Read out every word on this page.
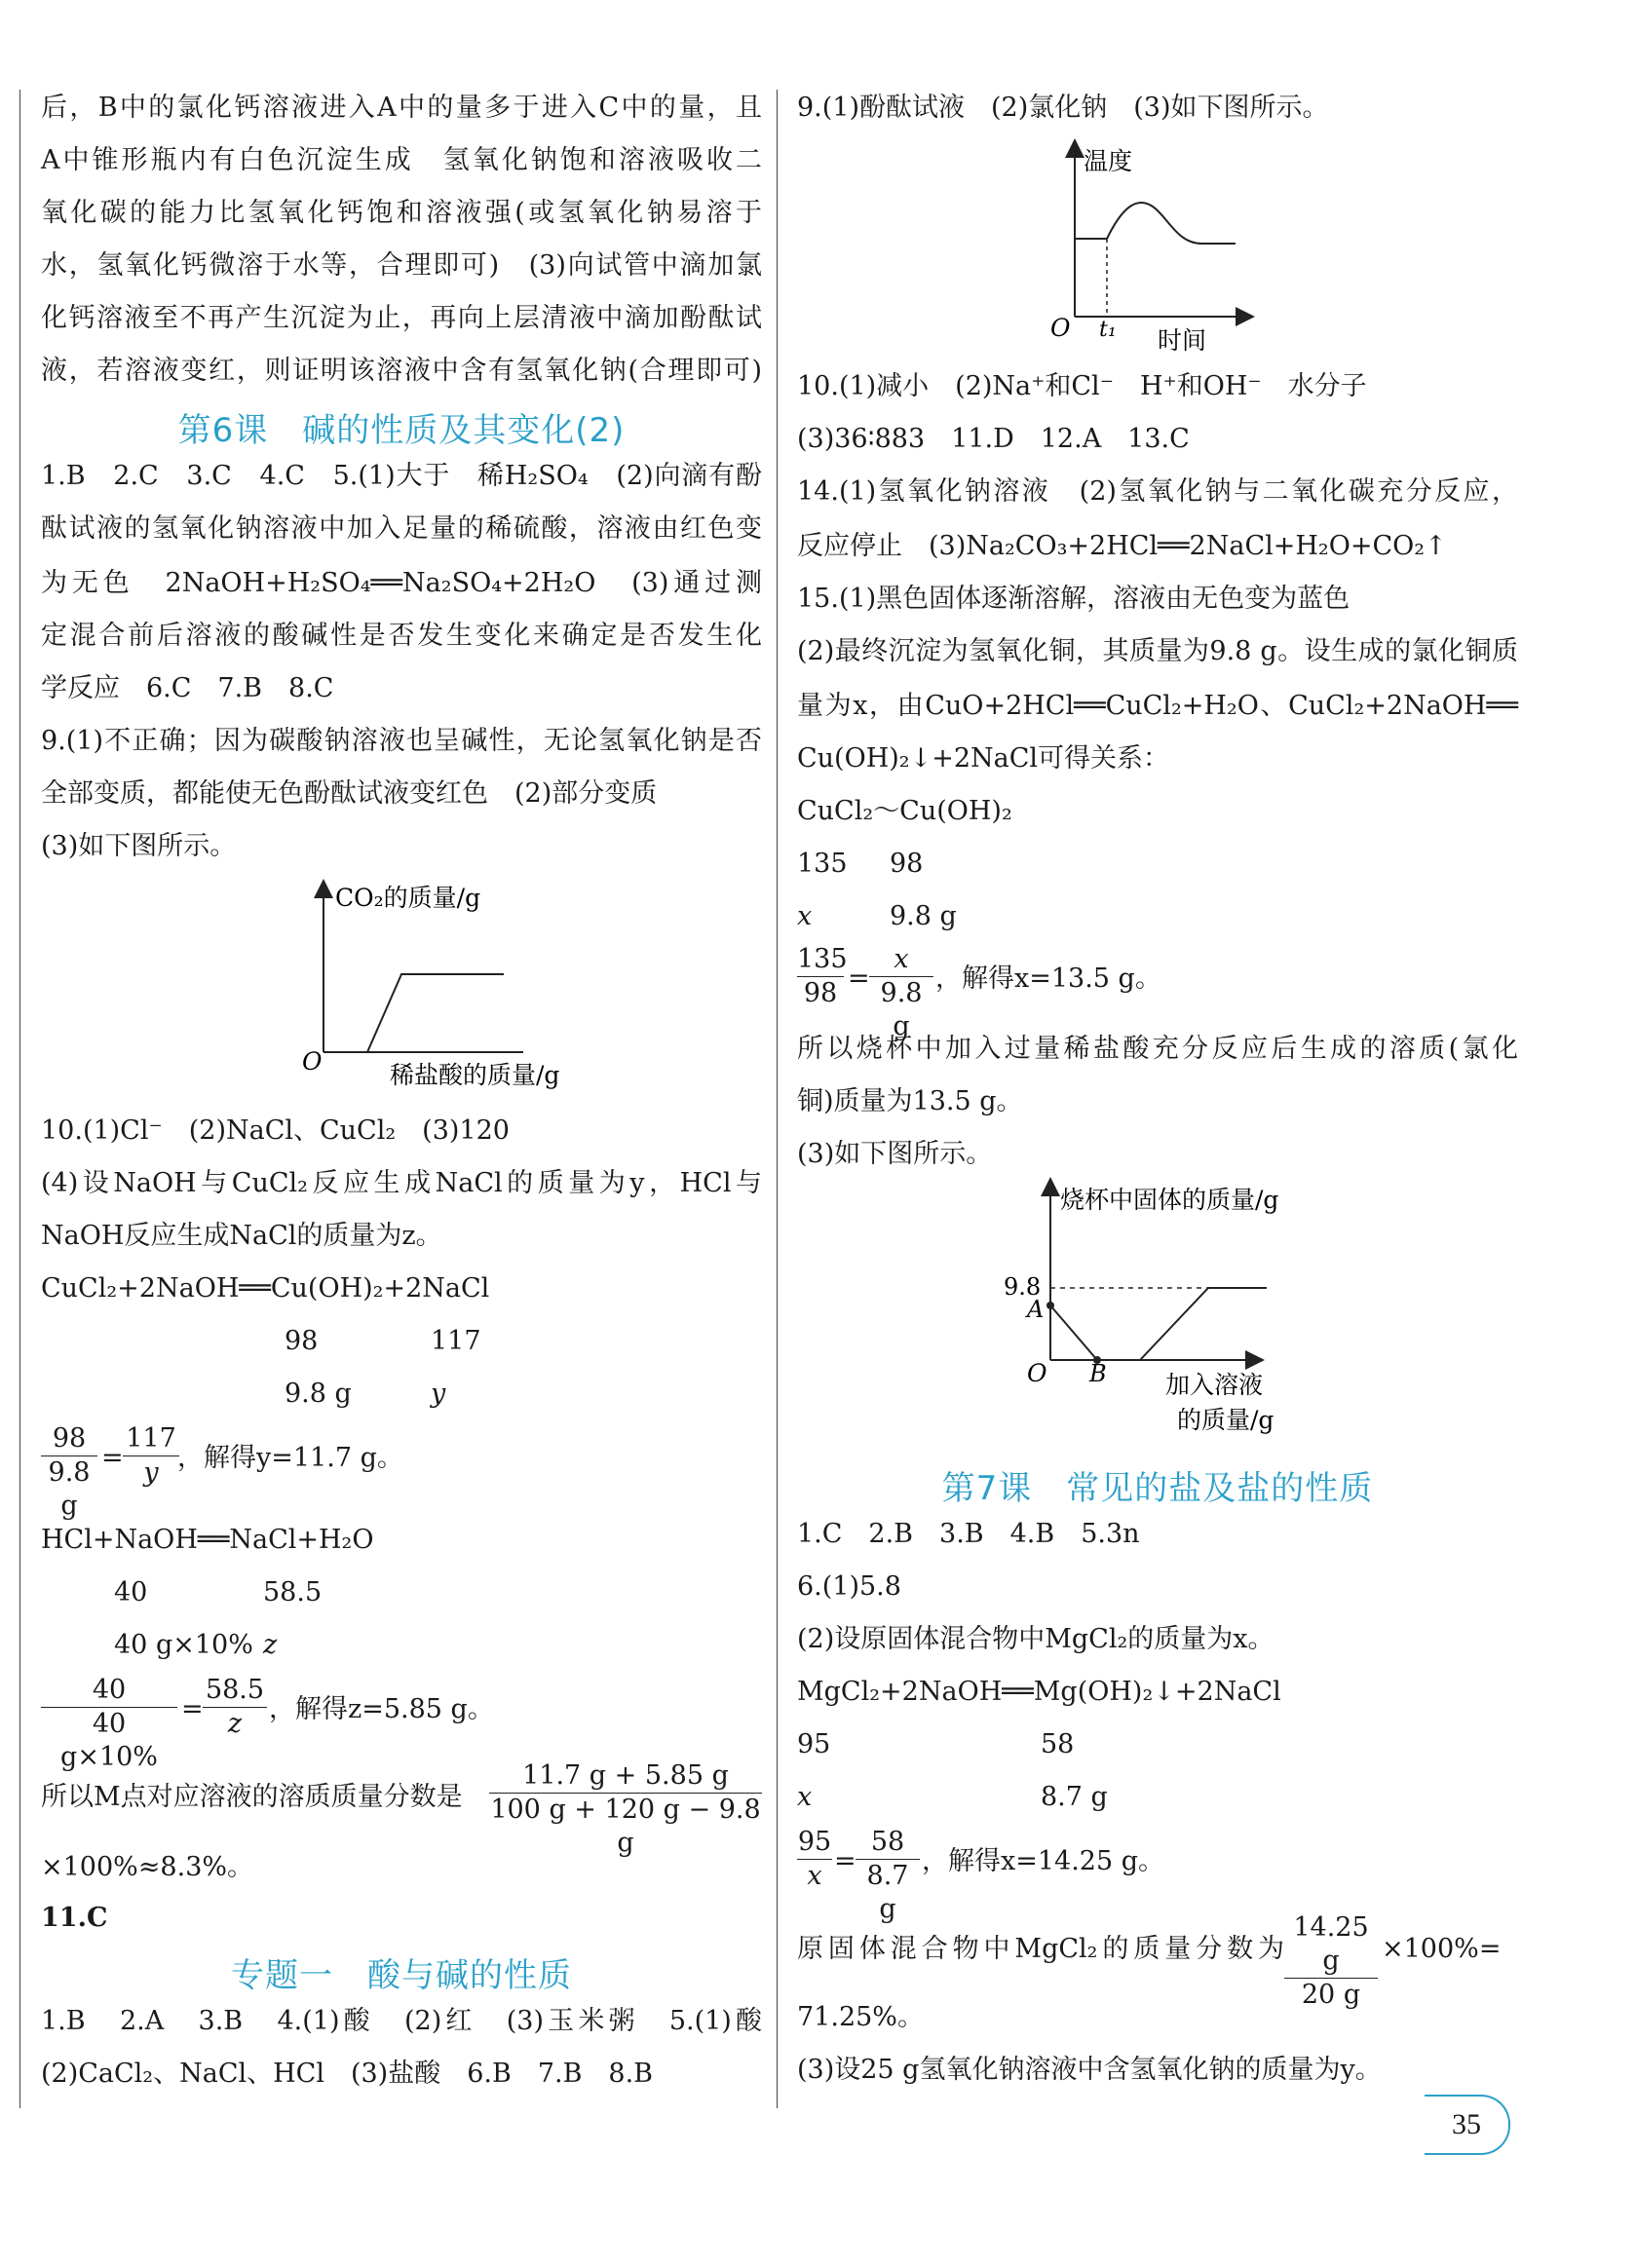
后，B中的氯化钙溶液进入A中的量多于进入C中的量，且
A中锥形瓶内有白色沉淀生成　氢氧化钠饱和溶液吸收二
氧化碳的能力比氢氧化钙饱和溶液强(或氢氧化钠易溶于
水，氢氧化钙微溶于水等，合理即可)　(3)向试管中滴加氯
化钙溶液至不再产生沉淀为止，再向上层清液中滴加酚酞试
液，若溶液变红，则证明该溶液中含有氢氧化钠(合理即可)
第6课　碱的性质及其变化(2)
1.B　2.C　3.C　4.C　5.(1)大于　稀H₂SO₄　(2)向滴有酚
酞试液的氢氧化钠溶液中加入足量的稀硫酸，溶液由红色变
为无色　2NaOH+H₂SO₄══Na₂SO₄+2H₂O　(3)通过测
定混合前后溶液的酸碱性是否发生变化来确定是否发生化
学反应　6.C　7.B　8.C
9.(1)不正确；因为碳酸钠溶液也呈碱性，无论氢氧化钠是否
全部变质，都能使无色酚酞试液变红色　(2)部分变质
(3)如下图所示。
CO₂的质量/g
O	稀盐酸的质量/g
10.(1)Cl⁻　(2)NaCl、CuCl₂　(3)120
(4)设NaOH与CuCl₂反应生成NaCl的质量为y，HCl与
NaOH反应生成NaCl的质量为z。
CuCl₂+2NaOH══Cu(OH)₂+2NaCl
98	117
9.8 g	y
$\frac{98}{9.8 g} = \frac{117}{y}$
，解得y=11.7 g。
HCl+NaOH══NaCl+H₂O
40	58.5
40 g×10% z
$\frac{40}{40 g\times 10\%} = \frac{58.5}{z}$ ，解得z=5.85 g。
所以M点对应溶液的溶质质量分数是 $\frac{11.7 g + 5.85 g}{100 g + 120 g - 9.8 g}$
×100%≈8.3%。
11.C
专题一　酸与碱的性质
1.B　2.A　3.B　4.(1)酸　(2)红　(3)玉米粥　5.(1)酸
(2)CaCl₂、NaCl、HCl　(3)盐酸　6.B　7.B　8.B
9.(1)酚酞试液　(2)氯化钠　(3)如下图所示。
温度
O t₁ 时间
10.(1)减小　(2)Na⁺和Cl⁻　H⁺和OH⁻　水分子
(3)36∶883　11.D　12.A　13.C
14.(1)氢氧化钠溶液　(2)氢氧化钠与二氧化碳充分反应，
反应停止　(3)Na₂CO₃+2HCl══2NaCl+H₂O+CO₂↑
15.(1)黑色固体逐渐溶解，溶液由无色变为蓝色
(2)最终沉淀为氢氧化铜，其质量为9.8 g。设生成的氯化铜质
量为x，由CuO+2HCl══CuCl₂+H₂O、CuCl₂+2NaOH══
Cu(OH)₂↓+2NaCl可得关系：
CuCl₂～Cu(OH)₂
135 98
x	9.8 g
$\frac{135}{98} = \frac{x}{9.8 g}$ ，解得x=13.5 g。
所以烧杯中加入过量稀盐酸充分反应后生成的溶质(氯化
铜)质量为13.5 g。
(3)如下图所示。
烧杯中固体的质量/g
9.8
A
O B 加入溶液
的质量/g
第7课　常见的盐及盐的性质
1.C　2.B　3.B　4.B　5.3n
6.(1)5.8
(2)设原固体混合物中MgCl₂的质量为x。
MgCl₂+2NaOH══Mg(OH)₂↓+2NaCl
95	58
x	8.7 g
$\frac{95}{x} = \frac{58}{8.7 g}$ ，解得x=14.25 g。
原固体混合物中MgCl₂的质量分数为 $\frac{14.25 g}{20 g} \times 100\%=$
71.25%。
(3)设25 g氢氧化钠溶液中含氢氧化钠的质量为y。
35
